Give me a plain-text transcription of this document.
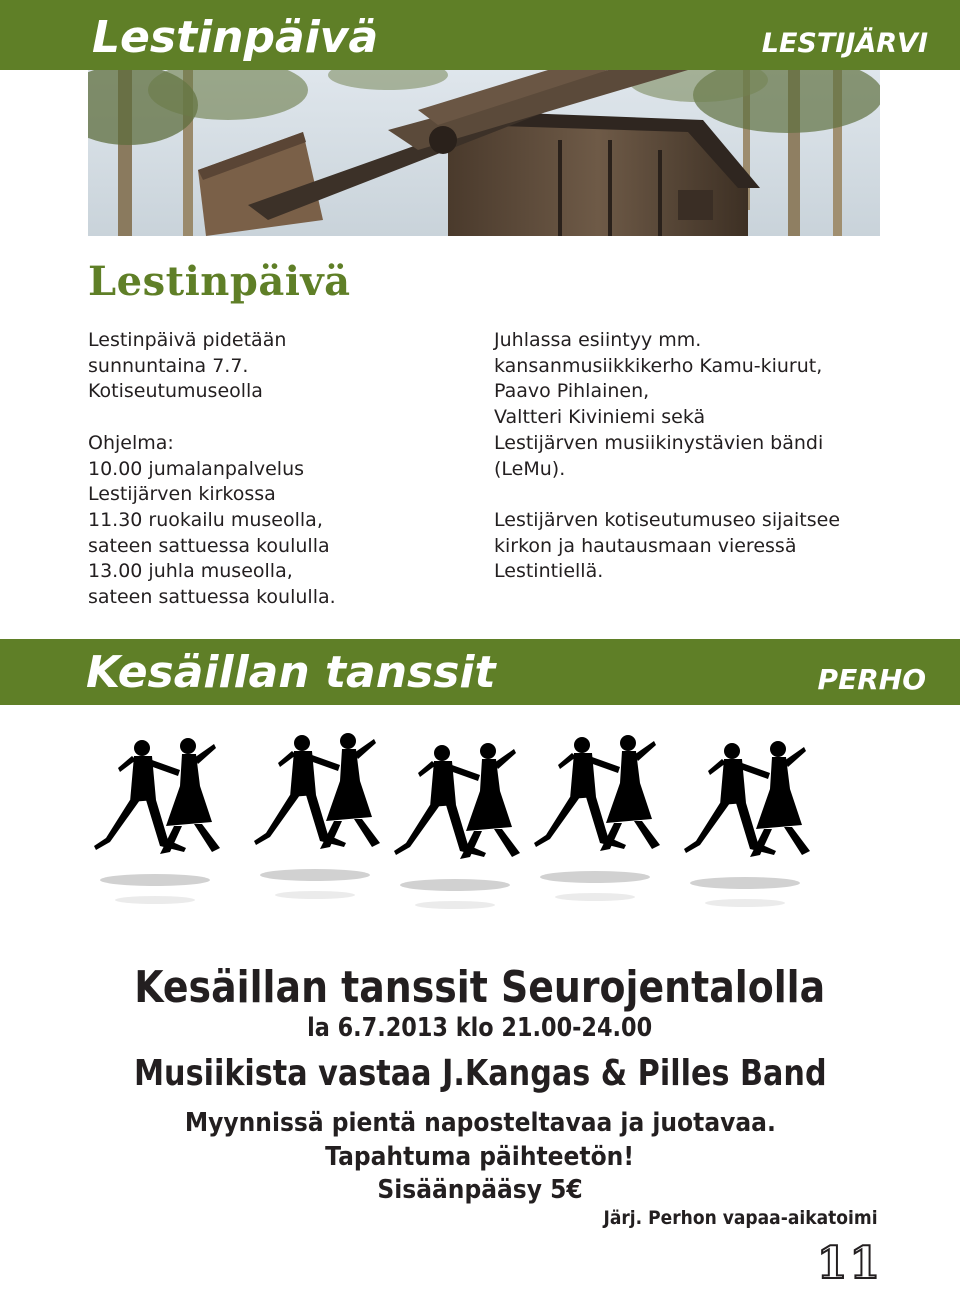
Lestinpäivä	LESTIJÄRVI
Lestinpäivä

Lestinpäivä pidetään

sunnuntaina 7.7.

Kotiseutumuseolla

Ohjelma:

10.00 jumalanpalvelus

Lestijärven kirkossa

11.30 ruokailu museolla,

sateen sattuessa koululla

13.00 juhla museolla,

sateen sattuessa koululla.

Juhlassa esiintyy mm.

kansanmusiikkikerho Kamu-kiurut,

Paavo Pihlainen,

Valtteri Kiviniemi sekä

Lestijärven musiikinystävien bändi

(LeMu).

Lestijärven kotiseutumuseo sijaitsee

kirkon ja hautausmaan vieressä

Lestintiellä.

Kesäillan tanssit	PERHO
Kesäillan tanssit Seurojentalolla

la 6.7.2013 klo 21.00-24.00

Musiikista vastaa J.Kangas & Pilles Band

Myynnissä pientä naposteltavaa ja juotavaa.

Tapahtuma päihteetön!

Sisäänpääsy 5€

Järj. Perhon vapaa-aikatoimi

11
